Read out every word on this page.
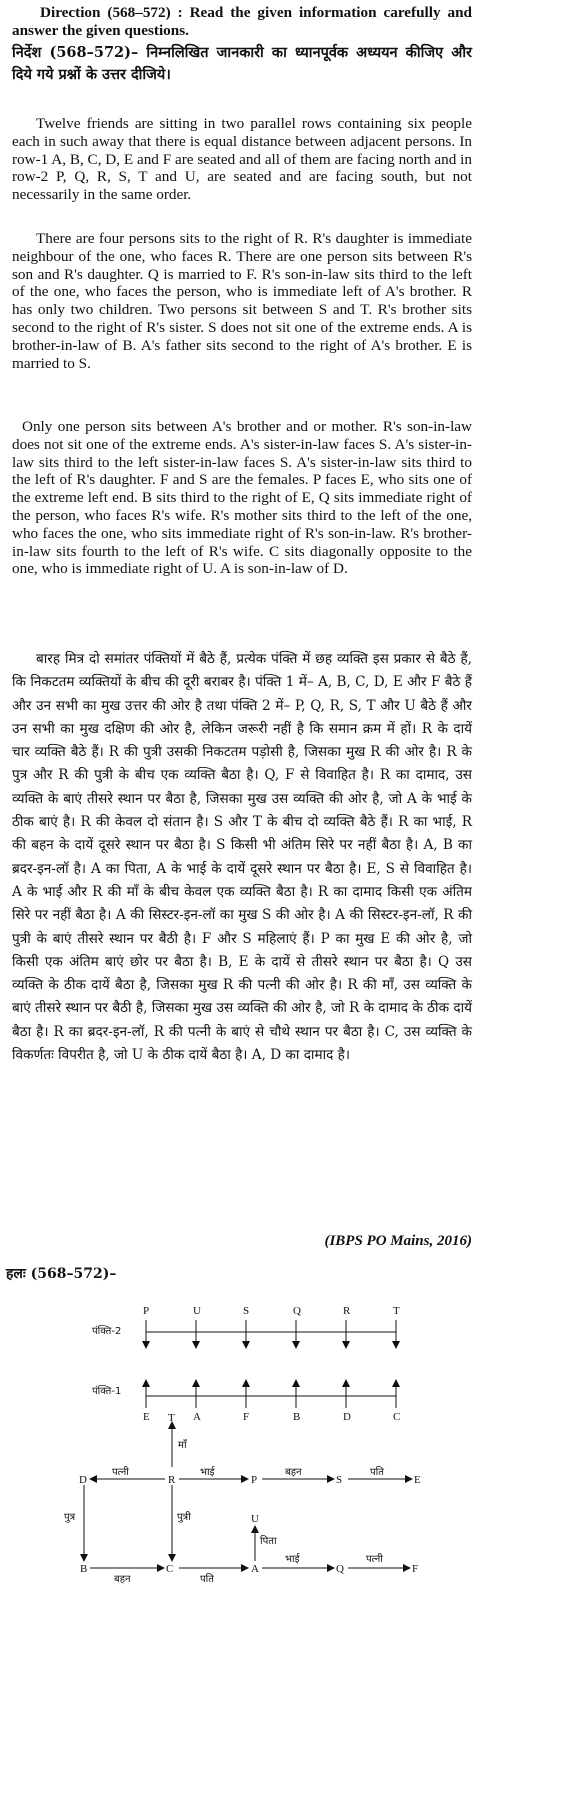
Direction (568–572) : Read the given information carefully and answer the given questions.
निर्देश (568–572)– निम्नलिखित जानकारी का ध्यानपूर्वक अध्ययन कीजिए और दिये गये प्रश्नों के उत्तर दीजिये।
Twelve friends are sitting in two parallel rows containing six people each in such away that there is equal distance between adjacent persons. In row-1 A, B, C, D, E and F are seated and all of them are facing north and in row-2 P, Q, R, S, T and U, are seated and are facing south, but not necessarily in the same order.
There are four persons sits to the right of R. R's daughter is immediate neighbour of the one, who faces R. There are one person sits between R's son and R's daughter. Q is married to F. R's son-in-law sits third to the left of the one, who faces the person, who is immediate left of A's brother. R has only two children. Two persons sit between S and T. R's brother sits second to the right of R's sister. S does not sit one of the extreme ends. A is brother-in-law of B. A's father sits second to the right of A's brother. E is married to S.
Only one person sits between A's brother and or mother. R's son-in-law does not sit one of the extreme ends. A's sister-in-law faces S. A's sister-in-law sits third to the left sister-in-law faces S. A's sister-in-law sits third to the left of R's daughter. F and S are the females. P faces E, who sits one of the extreme left end. B sits third to the right of E, Q sits immediate right of the person, who faces R's wife. R's mother sits third to the left of the one, who faces the one, who sits immediate right of R's son-in-law. R's brother-in-law sits fourth to the left of R's wife. C sits diagonally opposite to the one, who is immediate right of U. A is son-in-law of D.
बारह मित्र दो समांतर पंक्तियों में बैठे हैं, प्रत्येक पंक्ति में छह व्यक्ति इस प्रकार से बैठे हैं, कि निकटतम व्यक्तियों के बीच की दूरी बराबर है। पंक्ति 1 में– A, B, C, D, E और F बैठे हैं और उन सभी का मुख उत्तर की ओर है तथा पंक्ति 2 में– P, Q, R, S, T और U बैठे हैं और उन सभी का मुख दक्षिण की ओर है, लेकिन जरूरी नहीं है कि समान क्रम में हों। R के दायें चार व्यक्ति बैठे हैं। R की पुत्री उसकी निकटतम पड़ोसी है, जिसका मुख R की ओर है। R के पुत्र और R की पुत्री के बीच एक व्यक्ति बैठा है। Q, F से विवाहित है। R का दामाद, उस व्यक्ति के बाएं तीसरे स्थान पर बैठा है, जिसका मुख उस व्यक्ति की ओर है, जो A के भाई के ठीक बाएं है। R की केवल दो संतान है। S और T के बीच दो व्यक्ति बैठे हैं। R का भाई, R की बहन के दायें दूसरे स्थान पर बैठा है। S किसी भी अंतिम सिरे पर नहीं बैठा है। A, B का ब्रदर-इन-लॉ है। A का पिता, A के भाई के दायें दूसरे स्थान पर बैठा है। E, S से विवाहित है। A के भाई और R की माँ के बीच केवल एक व्यक्ति बैठा है। R का दामाद किसी एक अंतिम सिरे पर नहीं बैठा है। A की सिस्टर-इन-लॉ का मुख S की ओर है। A की सिस्टर-इन-लॉ, R की पुत्री के बाएं तीसरे स्थान पर बैठी है। F और S महिलाएं हैं। P का मुख E की ओर है, जो किसी एक अंतिम बाएं छोर पर बैठा है। B, E के दायें से तीसरे स्थान पर बैठा है। Q उस व्यक्ति के ठीक दायें बैठा है, जिसका मुख R की पत्नी की ओर है। R की माँ, उस व्यक्ति के बाएं तीसरे स्थान पर बैठी है, जिसका मुख उस व्यक्ति की ओर है, जो R के दामाद के ठीक दायें बैठा है। R का ब्रदर-इन-लॉ, R की पत्नी के बाएं से चौथे स्थान पर बैठा है। C, उस व्यक्ति के विकर्णतः विपरीत है, जो U के ठीक दायें बैठा है। A, D का दामाद है।
(IBPS PO Mains, 2016)
हलः (568–572)–
पंक्ति-2
पंक्ति-1
P	U	S	Q	R	T
E	A	F	B	D	C
T
D	R	P	S	E
B	C	A	Q	F
U
पत्नी	भाई	बहन	पति
माँ
पुत्र	पुत्री
पिता
बहन	पति
भाई	पत्नी
